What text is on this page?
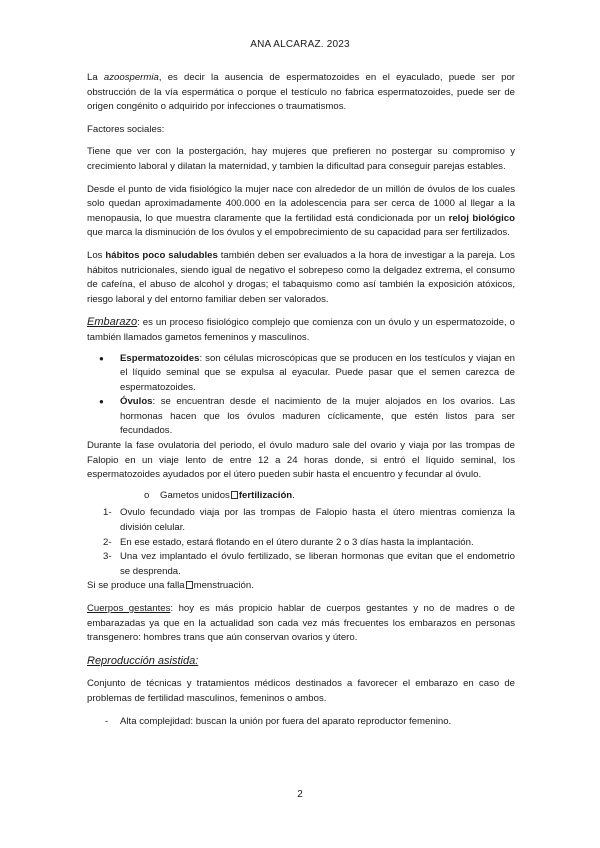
ANA ALCARAZ. 2023

La azoospermia, es decir la ausencia de espermatozoides en el eyaculado, puede ser por obstrucción de la vía espermática o porque el testículo no fabrica espermatozoides, puede ser de origen congénito o adquirido por infecciones o traumatismos.

Factores sociales:

Tiene que ver con la postergación, hay mujeres que prefieren no postergar su compromiso y crecimiento laboral y dilatan la maternidad, y tambien la dificultad para conseguir parejas estables.

Desde el punto de vida fisiológico la mujer nace con alrededor de un millón de óvulos de los cuales solo quedan aproximadamente 400.000 en la adolescencia para ser cerca de 1000 al llegar a la menopausia, lo que muestra claramente que la fertilidad está condicionada por un reloj biológico que marca la disminución de los óvulos y el empobrecimiento de su capacidad para ser fertilizados.

Los hábitos poco saludables también deben ser evaluados a la hora de investigar a la pareja. Los hábitos nutricionales, siendo igual de negativo el sobrepeso como la delgadez extrema, el consumo de cafeína, el abuso de alcohol y drogas; el tabaquismo como así también la exposición atóxicos, riesgo laboral y del entorno familiar deben ser valorados.

Embarazo: es un proceso fisiológico complejo que comienza con un óvulo y un espermatozoide, o también llamados gametos femeninos y masculinos.

● Espermatozoides: son células microscópicas que se producen en los testículos y viajan en el líquido seminal que se expulsa al eyacular. Puede pasar que el semen carezca de espermatozoides.
● Óvulos: se encuentran desde el nacimiento de la mujer alojados en los ovarios. Las hormonas hacen que los óvulos maduren cíclicamente, que estén listos para ser fecundados.

Durante la fase ovulatoria del periodo, el óvulo maduro sale del ovario y viaja por las trompas de Falopio en un viaje lento de entre 12 a 24 horas donde, si entró el líquido seminal, los espermatozoides ayudados por el útero pueden subir hasta el encuentro y fecundar al óvulo.

o Gametos unidos fertilización.
1- Ovulo fecundado viaja por las trompas de Falopio hasta el útero mientras comienza la división celular.
2- En ese estado, estará flotando en el útero durante 2 o 3 días hasta la implantación.
3- Una vez implantado el óvulo fertilizado, se liberan hormonas que evitan que el endometrio se desprenda.

Si se produce una falla menstruación.

Cuerpos gestantes: hoy es más propicio hablar de cuerpos gestantes y no de madres o de embarazadas ya que en la actualidad son cada vez más frecuentes los embarazos en personas transgenero: hombres trans que aún conservan ovarios y útero.

Reproducción asistida:

Conjunto de técnicas y tratamientos médicos destinados a favorecer el embarazo en caso de problemas de fertilidad masculinos, femeninos o ambos.

- Alta complejidad: buscan la unión por fuera del aparato reproductor femenino.
2
